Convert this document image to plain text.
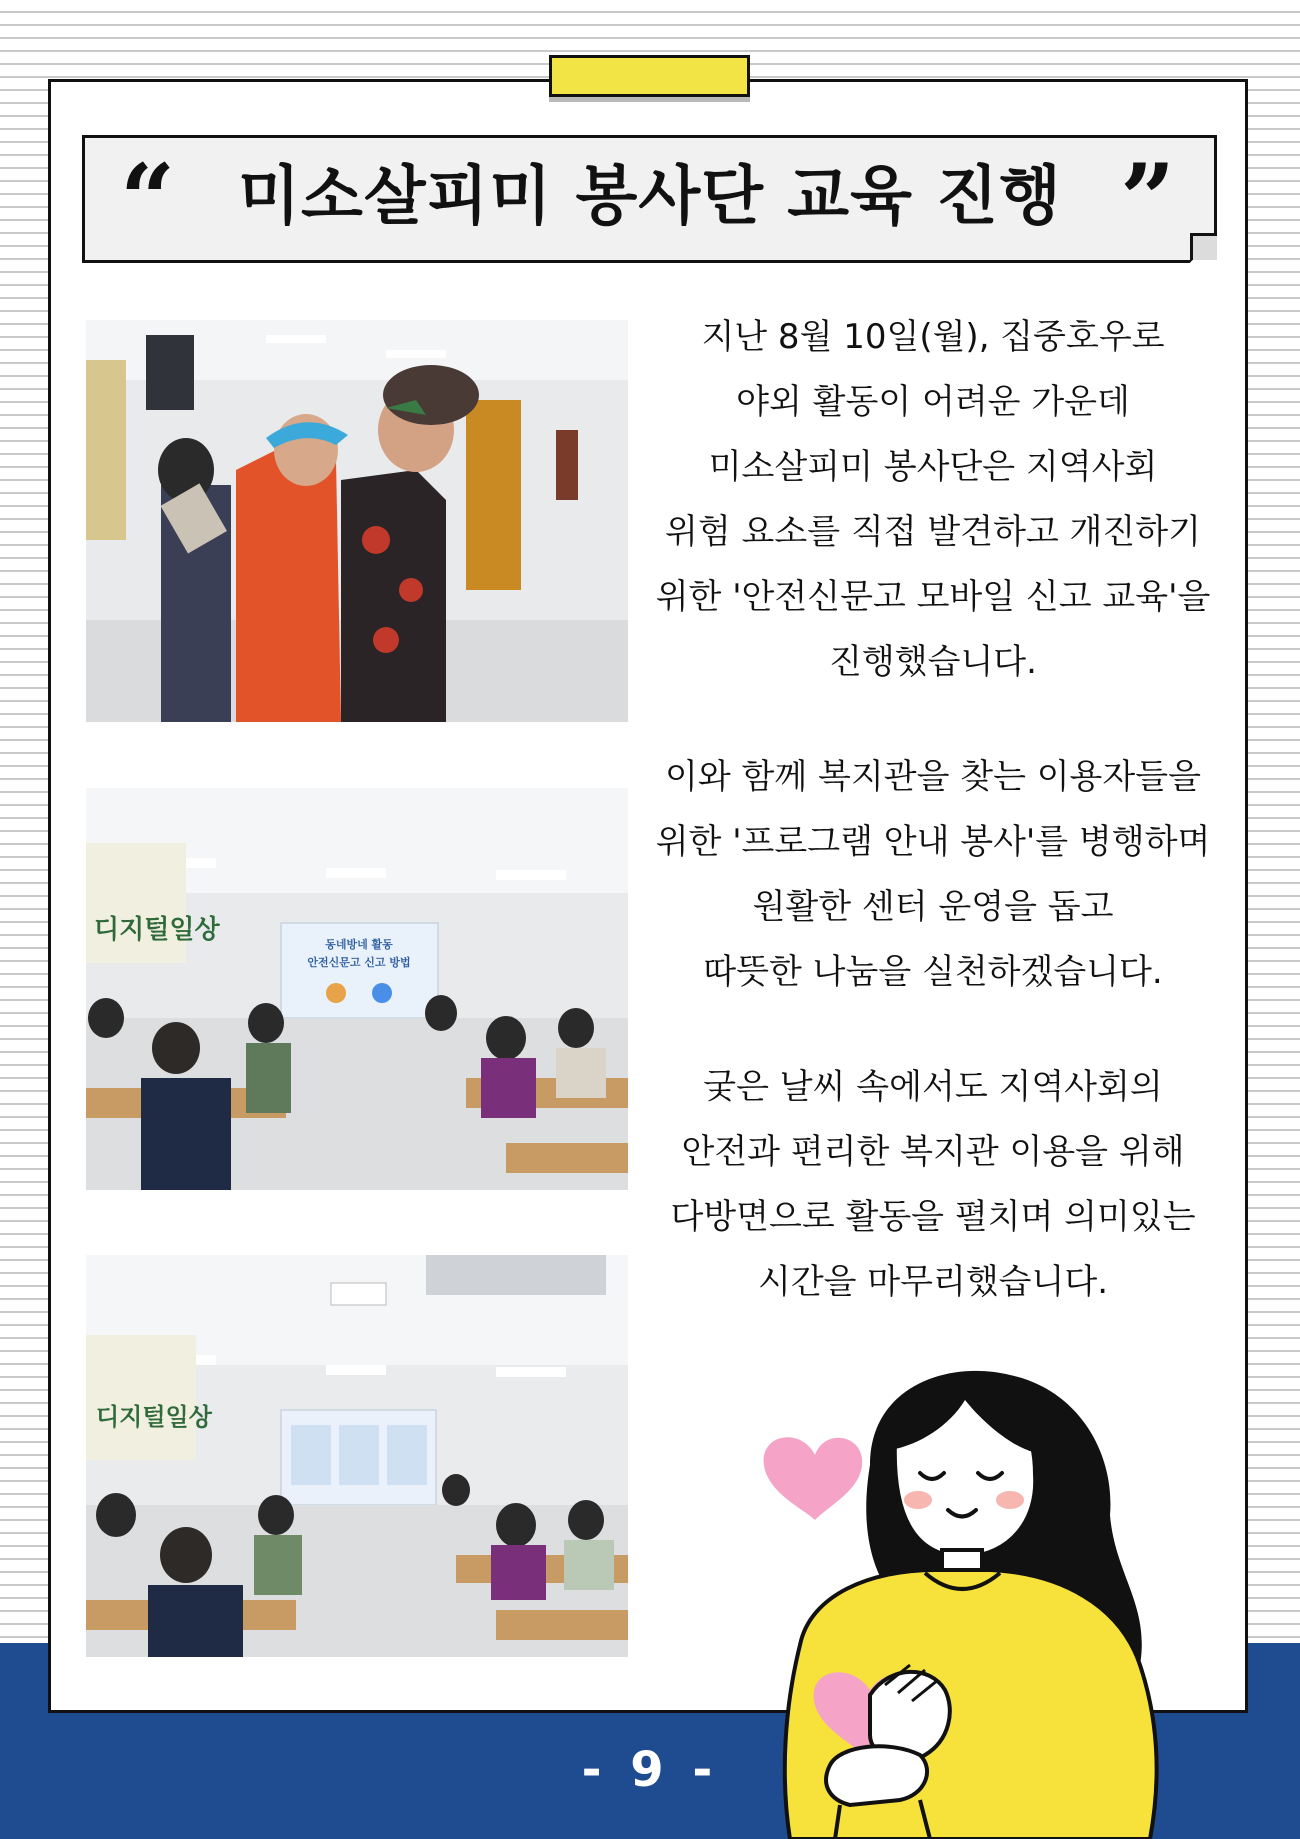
“ 미소살피미 봉사단 교육 진행 ”
디지털일상	동네방네 활동
안전신문고 신고 방법
디지털일상
지난 8월 10일(월), 집중호우로
야외 활동이 어려운 가운데
미소살피미 봉사단은 지역사회
위험 요소를 직접 발견하고 개진하기
위한 '안전신문고 모바일 신고 교육'을
진행했습니다.
이와 함께 복지관을 찾는 이용자들을
위한 '프로그램 안내 봉사'를 병행하며
원활한 센터 운영을 돕고
따뜻한 나눔을 실천하겠습니다.
궂은 날씨 속에서도 지역사회의
안전과 편리한 복지관 이용을 위해
다방면으로 활동을 펼치며 의미있는
시간을 마무리했습니다.
- 9 -
